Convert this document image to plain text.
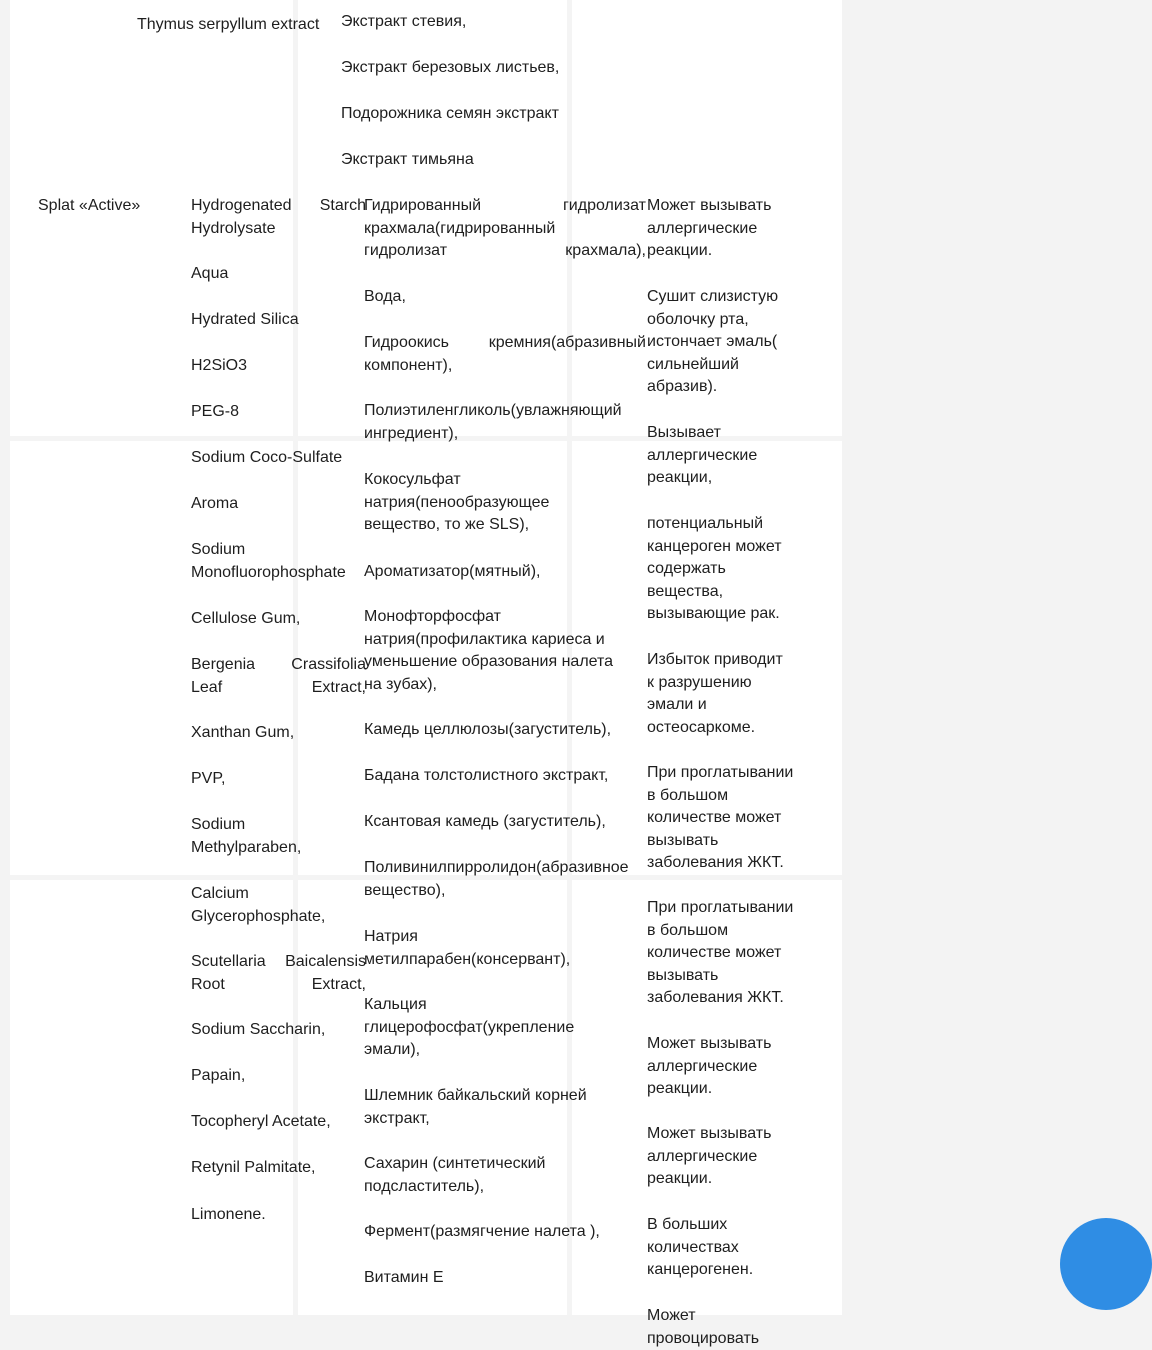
Thymus serpyllum extract Экстракт стевия,
Экстракт березовых листьев,
Подорожника семян экстракт
Экстракт тимьяна
Splat «Active»	Hydrogenated Starch
Hydrolysate
Aqua
Hydrated Silica
H2SiO3
PEG-8
Sodium Coco-Sulfate
Aroma
Sodium
Monofluorophosphate
Cellulose Gum,
Bergenia Crassifolia
Leaf Extract,
Xanthan Gum,
PVP,
Sodium
Methylparaben,
Calcium
Glycerophosphate,
Scutellaria Baicalensis
Root Extract,
Sodium Saccharin,
Papain,
Tocopheryl Acetate,
Retynil Palmitate,
Limonene.
Гидрированный гидролизат
крахмала(гидрированный
гидролизат крахмала),
Вода,
Гидроокись кремния(абразивный
компонент),
Полиэтиленгликоль(увлажняющий
ингредиент),
Кокосульфат
натрия(пенообразующее
вещество, то же SLS),
Ароматизатор(мятный),
Монофторфосфат
натрия(профилактика кариеса и
уменьшение образования налета
на зубах),
Камедь целлюлозы(загуститель),
Бадана толстолистного экстракт,
Ксантовая камедь (загуститель),
Поливинилпирролидон(абразивное
вещество),
Натрия
метилпарабен(консервант),
Кальция
глицерофосфат(укрепление
эмали),
Шлемник байкальский корней
экстракт,
Сахарин (синтетический
подсластитель),
Фермент(размягчение налета ),
Витамин Е
Может вызывать
аллергические
реакции.
Сушит слизистую
оболочку рта,
истончает эмаль(
сильнейший
абразив).
Вызывает
аллергические
реакции,
потенциальный
канцероген может
содержать
вещества,
вызывающие рак.
Избыток приводит
к разрушению
эмали и
остеосаркоме.
При проглатывании
в большом
количестве может
вызывать
заболевания ЖКТ.
При проглатывании
в большом
количестве может
вызывать
заболевания ЖКТ.
Может вызывать
аллергические
реакции.
Может вызывать
аллергические
реакции.
В больших
количествах
канцерогенен.
Может провоцировать
